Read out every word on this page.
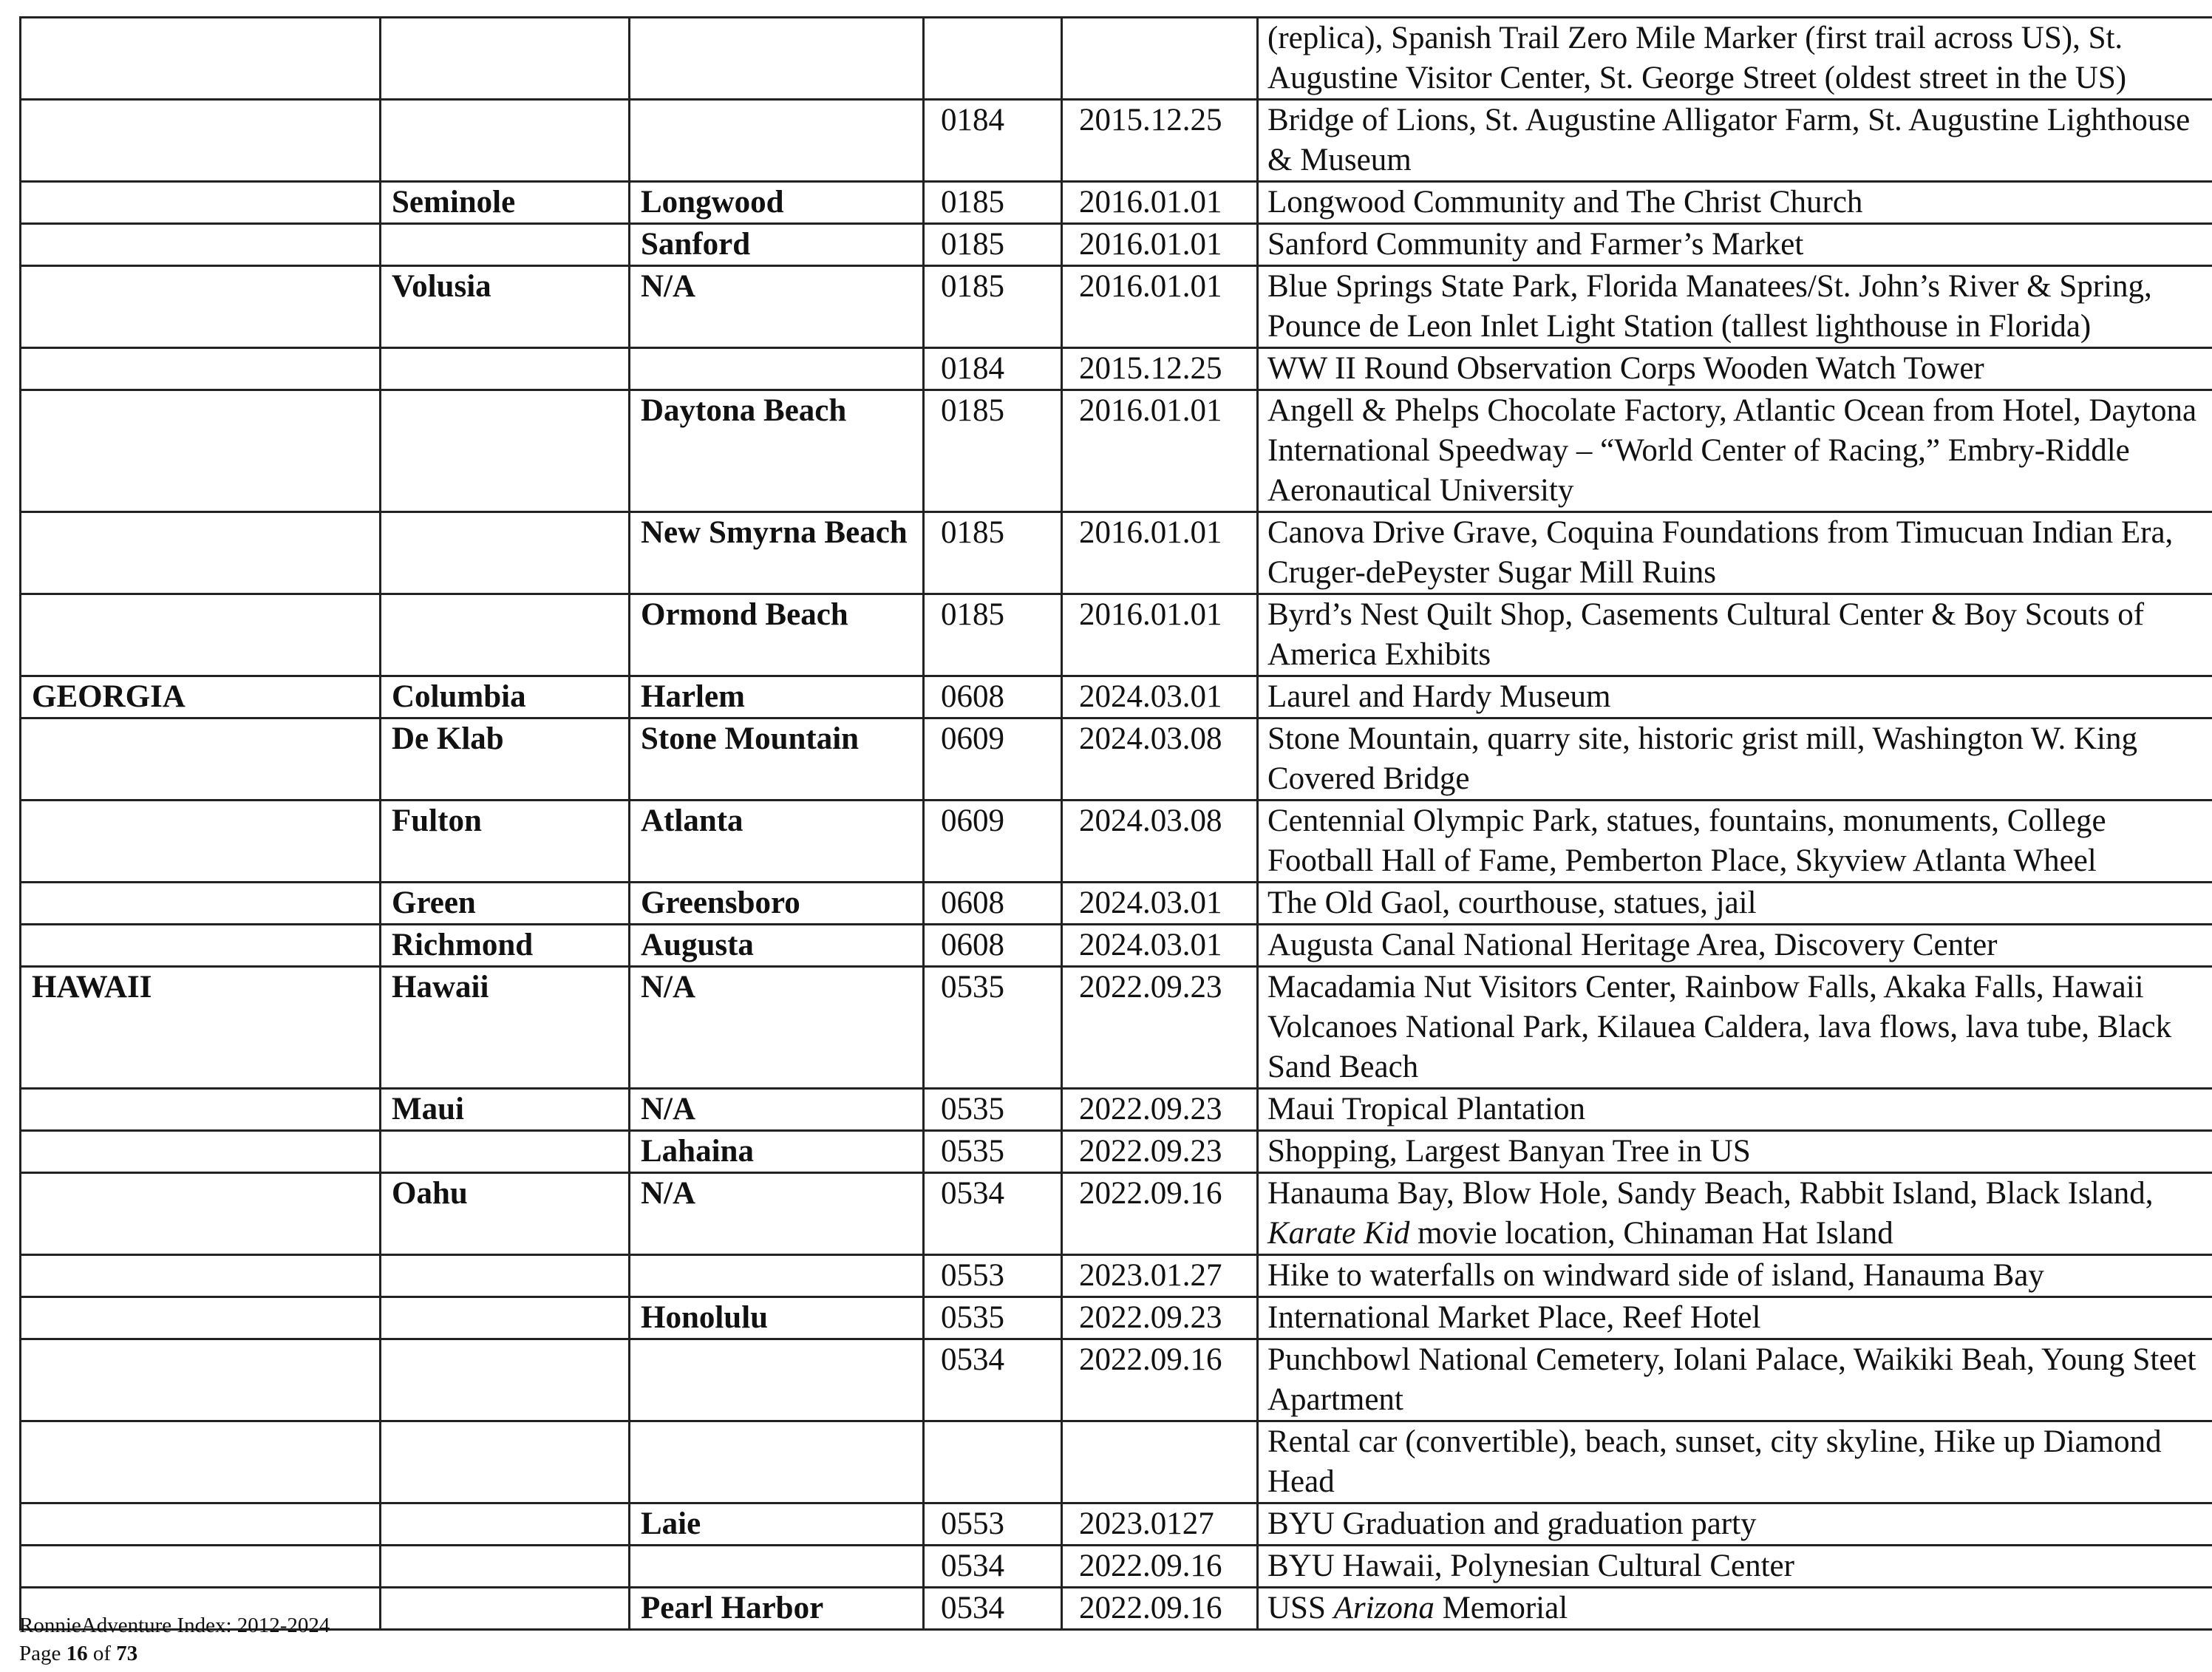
					(replica), Spanish Trail Zero Mile Marker (first trail across US), St. Augustine Visitor Center, St. George Street (oldest street in the US)
			0184	2015.12.25	Bridge of Lions, St. Augustine Alligator Farm, St. Augustine Lighthouse & Museum
	Seminole	Longwood	0185	2016.01.01	Longwood Community and The Christ Church
		Sanford	0185	2016.01.01	Sanford Community and Farmer’s Market
	Volusia	N/A	0185	2016.01.01	Blue Springs State Park, Florida Manatees/St. John’s River & Spring, Pounce de Leon Inlet Light Station (tallest lighthouse in Florida)
			0184	2015.12.25	WW II Round Observation Corps Wooden Watch Tower
		Daytona Beach	0185	2016.01.01	Angell & Phelps Chocolate Factory, Atlantic Ocean from Hotel, Daytona International Speedway – “World Center of Racing,” Embry-Riddle Aeronautical University
		New Smyrna Beach	0185	2016.01.01	Canova Drive Grave, Coquina Foundations from Timucuan Indian Era, Cruger-dePeyster Sugar Mill Ruins
		Ormond Beach	0185	2016.01.01	Byrd’s Nest Quilt Shop, Casements Cultural Center & Boy Scouts of America Exhibits
GEORGIA	Columbia	Harlem	0608	2024.03.01	Laurel and Hardy Museum
	De Klab	Stone Mountain	0609	2024.03.08	Stone Mountain, quarry site, historic grist mill, Washington W. King Covered Bridge
	Fulton	Atlanta	0609	2024.03.08	Centennial Olympic Park, statues, fountains, monuments, College Football Hall of Fame, Pemberton Place, Skyview Atlanta Wheel
	Green	Greensboro	0608	2024.03.01	The Old Gaol, courthouse, statues, jail
	Richmond	Augusta	0608	2024.03.01	Augusta Canal National Heritage Area, Discovery Center
HAWAII	Hawaii	N/A	0535	2022.09.23	Macadamia Nut Visitors Center, Rainbow Falls, Akaka Falls, Hawaii Volcanoes National Park, Kilauea Caldera, lava flows, lava tube, Black Sand Beach
	Maui	N/A	0535	2022.09.23	Maui Tropical Plantation
		Lahaina	0535	2022.09.23	Shopping, Largest Banyan Tree in US
	Oahu	N/A	0534	2022.09.16	Hanauma Bay, Blow Hole, Sandy Beach, Rabbit Island, Black Island, Karate Kid movie location, Chinaman Hat Island
			0553	2023.01.27	Hike to waterfalls on windward side of island, Hanauma Bay
		Honolulu	0535	2022.09.23	International Market Place, Reef Hotel
			0534	2022.09.16	Punchbowl National Cemetery, Iolani Palace, Waikiki Beah, Young Steet Apartment
					Rental car (convertible), beach, sunset, city skyline, Hike up Diamond Head
		Laie	0553	2023.0127	BYU Graduation and graduation party
			0534	2022.09.16	BYU Hawaii, Polynesian Cultural Center
		Pearl Harbor	0534	2022.09.16	USS Arizona Memorial
RonnieAdventure Index: 2012-2024
Page 16 of 73
